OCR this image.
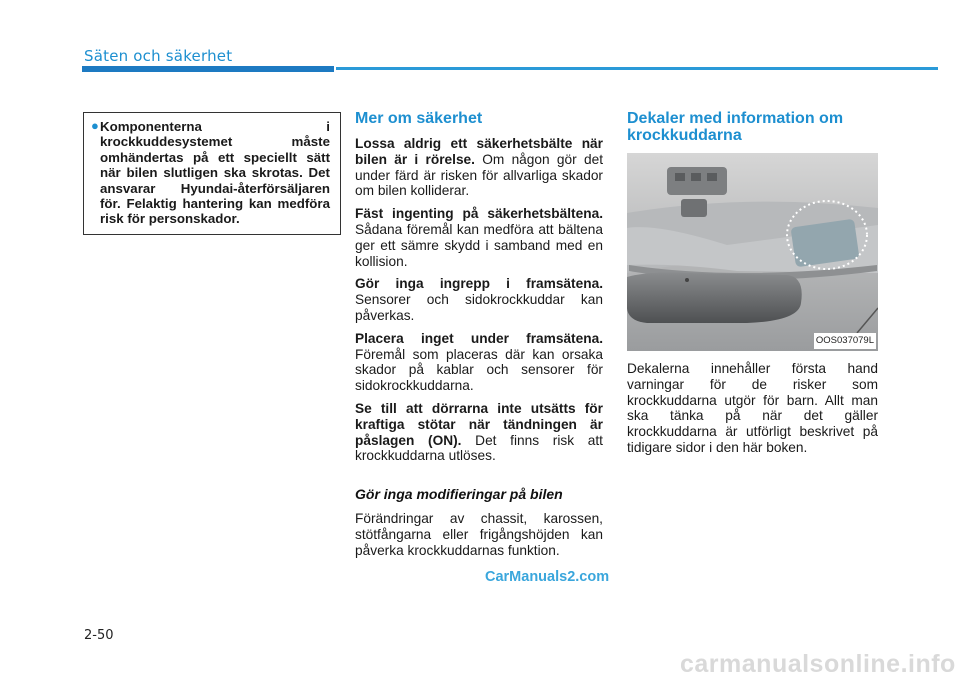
Säten och säkerhet
● Komponenterna i krockkuddesystemet måste omhändertas på ett speciellt sätt när bilen slutligen ska skrotas. Det ansvarar Hyundai-återförsäljaren för. Felaktig hantering kan medföra risk för personskador.
Mer om säkerhet

Lossa aldrig ett säkerhetsbälte när bilen är i rörelse. Om någon gör det under färd är risken för allvarliga skador om bilen kolliderar.

Fäst ingenting på säkerhetsbältena. Sådana föremål kan medföra att bältena ger ett sämre skydd i samband med en kollision.

Gör inga ingrepp i framsätena. Sensorer och sidokrockkuddar kan påverkas.

Placera inget under framsätena. Föremål som placeras där kan orsaka skador på kablar och sensorer för sidokrockkuddarna.

Se till att dörrarna inte utsätts för kraftiga stötar när tändningen är påslagen (ON). Det finns risk att krockkuddarna utlöses.

Gör inga modifieringar på bilen

Förändringar av chassit, karossen, stötfångarna eller frigångshöjden kan påverka krockkuddarnas funktion.

Dekaler med information om krockkuddarna
OOS037079L

Dekalerna innehåller första hand varningar för de risker som krockkuddarna utgör för barn. Allt man ska tänka på när det gäller krockkuddarna är utförligt beskrivet på tidigare sidor i den här boken.

CarManuals2.com
2-50
carmanualsonline.info
